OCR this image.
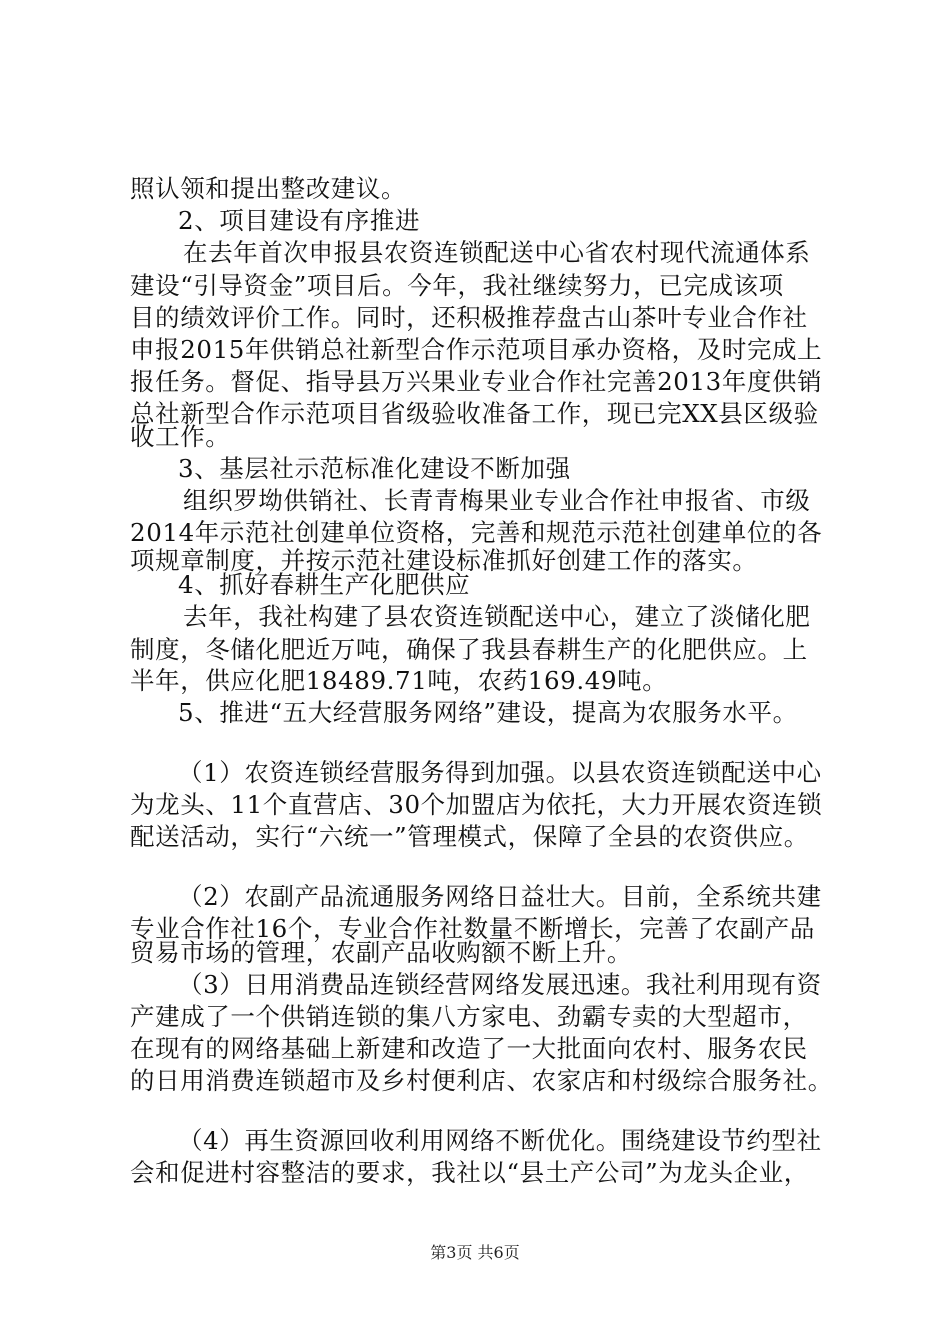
照认领和提出整改建议。
2、项目建设有序推进
在去年首次申报县农资连锁配送中心省农村现代流通体系
建设“引导资金”项目后。今年，我社继续努力，已完成该项
目的绩效评价工作。同时，还积极推荐盘古山茶叶专业合作社
申报2015年供销总社新型合作示范项目承办资格，及时完成上
报任务。督促、指导县万兴果业专业合作社完善2013年度供销
总社新型合作示范项目省级验收准备工作，现已完XX县区级验
收工作。
3、基层社示范标准化建设不断加强
组织罗坳供销社、长青青梅果业专业合作社申报省、市级
2014年示范社创建单位资格，完善和规范示范社创建单位的各
项规章制度，并按示范社建设标准抓好创建工作的落实。
4、抓好春耕生产化肥供应
去年，我社构建了县农资连锁配送中心，建立了淡储化肥
制度，冬储化肥近万吨，确保了我县春耕生产的化肥供应。上
半年，供应化肥18489.71吨，农药169.49吨。
5、推进“五大经营服务网络”建设，提高为农服务水平。
（1）农资连锁经营服务得到加强。以县农资连锁配送中心
为龙头、11个直营店、30个加盟店为依托，大力开展农资连锁
配送活动，实行“六统一”管理模式，保障了全县的农资供应。
（2）农副产品流通服务网络日益壮大。目前，全系统共建
专业合作社16个，专业合作社数量不断增长，完善了农副产品
贸易市场的管理，农副产品收购额不断上升。
（3）日用消费品连锁经营网络发展迅速。我社利用现有资
产建成了一个供销连锁的集八方家电、劲霸专卖的大型超市，
在现有的网络基础上新建和改造了一大批面向农村、服务农民
的日用消费连锁超市及乡村便利店、农家店和村级综合服务社。
（4）再生资源回收利用网络不断优化。围绕建设节约型社
会和促进村容整洁的要求，我社以“县土产公司”为龙头企业，
第3页 共6页
